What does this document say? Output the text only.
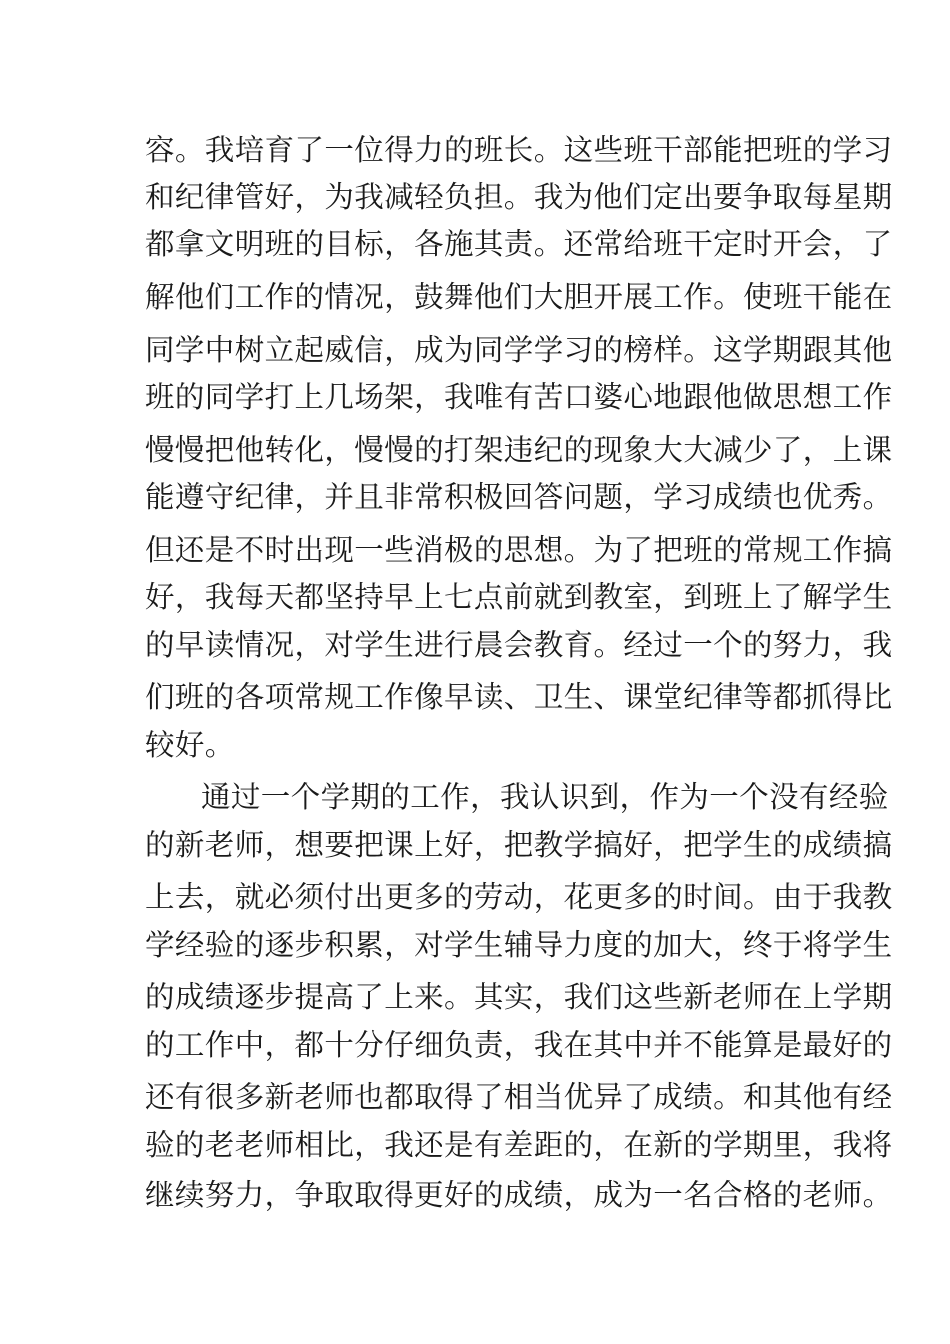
容。我培育了一位得力的班长。这些班干部能把班的学习
和纪律管好，为我减轻负担。我为他们定出要争取每星期
都拿文明班的目标，各施其责。还常给班干定时开会，了
解他们工作的情况，鼓舞他们大胆开展工作。使班干能在
同学中树立起威信，成为同学学习的榜样。这学期跟其他
班的同学打上几场架，我唯有苦口婆心地跟他做思想工作
慢慢把他转化，慢慢的打架违纪的现象大大减少了，上课
能遵守纪律，并且非常积极回答问题，学习成绩也优秀。
但还是不时出现一些消极的思想。为了把班的常规工作搞
好，我每天都坚持早上七点前就到教室，到班上了解学生
的早读情况，对学生进行晨会教育。经过一个的努力，我
们班的各项常规工作像早读、卫生、课堂纪律等都抓得比
较好。
通过一个学期的工作，我认识到，作为一个没有经验
的新老师，想要把课上好，把教学搞好，把学生的成绩搞
上去，就必须付出更多的劳动，花更多的时间。由于我教
学经验的逐步积累，对学生辅导力度的加大，终于将学生
的成绩逐步提高了上来。其实，我们这些新老师在上学期
的工作中，都十分仔细负责，我在其中并不能算是最好的
还有很多新老师也都取得了相当优异了成绩。和其他有经
验的老老师相比，我还是有差距的，在新的学期里，我将
继续努力，争取取得更好的成绩，成为一名合格的老师。
